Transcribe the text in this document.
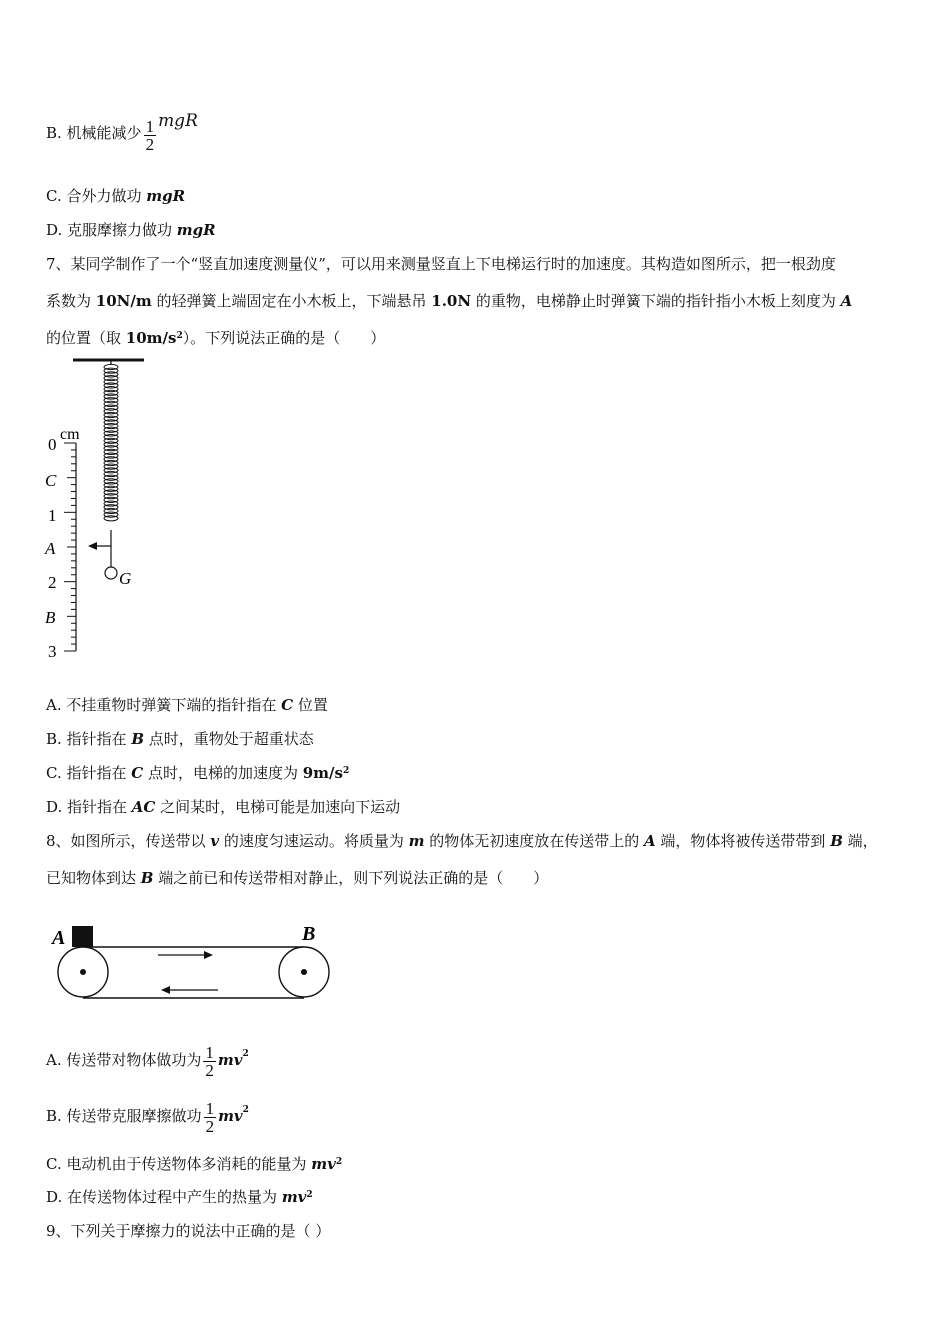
B. 机械能减少 $\frac{1}{2}$ mgR
C. 合外力做功 mgR
D. 克服摩擦力做功 mgR
7、某同学制作了一个“竖直加速度测量仪”，可以用来测量竖直上下电梯运行时的加速度。其构造如图所示，把一根劲度
系数为 10N/m 的轻弹簧上端固定在小木板上，下端悬吊 1.0N 的重物，电梯静止时弹簧下端的指针指小木板上刻度为 A
的位置（取 $10m/s^2$）。下列说法正确的是（　　）
G
cm
0
C
1
A
2
B
3
A. 不挂重物时弹簧下端的指针指在 C 位置
B. 指针指在 B 点时，重物处于超重状态
C. 指针指在 C 点时，电梯的加速度为 $9m/s^2$
D. 指针指在 AC 之间某时，电梯可能是加速向下运动
8、如图所示，传送带以 v 的速度匀速运动。将质量为 m 的物体无初速度放在传送带上的 A 端，物体将被传送带带到 B 端，
已知物体到达 B 端之前已和传送带相对静止，则下列说法正确的是（　　）
A	B
A. 传送带对物体做功为 $\frac{1}{2} mv^2$
B. 传送带克服摩擦做功 $\frac{1}{2} mv^2$
C. 电动机由于传送物体多消耗的能量为 $mv^2$
D. 在传送物体过程中产生的热量为 $mv^2$
9、下列关于摩擦力的说法中正确的是（ ）
